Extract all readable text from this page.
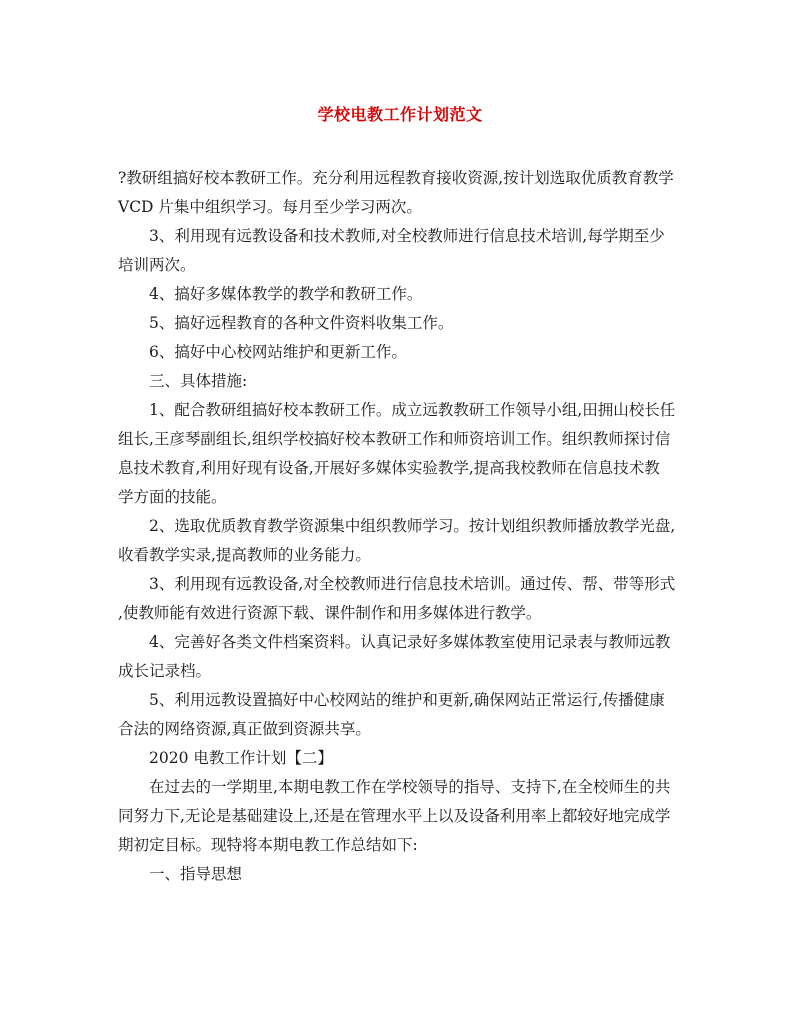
学校电教工作计划范文
?教研组搞好校本教研工作。充分利用远程教育接收资源,按计划选取优质教育教学
VCD 片集中组织学习。每月至少学习两次。
3、利用现有远教设备和技术教师,对全校教师进行信息技术培训,每学期至少
培训两次。
4、搞好多媒体教学的教学和教研工作。
5、搞好远程教育的各种文件资料收集工作。
6、搞好中心校网站维护和更新工作。
三、具体措施:
1、配合教研组搞好校本教研工作。成立远教教研工作领导小组,田拥山校长任
组长,王彦琴副组长,组织学校搞好校本教研工作和师资培训工作。组织教师探讨信
息技术教育,利用好现有设备,开展好多媒体实验教学,提高我校教师在信息技术教
学方面的技能。
2、选取优质教育教学资源集中组织教师学习。按计划组织教师播放教学光盘,
收看教学实录,提高教师的业务能力。
3、利用现有远教设备,对全校教师进行信息技术培训。通过传、帮、带等形式
,使教师能有效进行资源下载、课件制作和用多媒体进行教学。
4、完善好各类文件档案资料。认真记录好多媒体教室使用记录表与教师远教
成长记录档。
5、利用远教设置搞好中心校网站的维护和更新,确保网站正常运行,传播健康
合法的网络资源,真正做到资源共享。
2020 电教工作计划【二】
在过去的一学期里,本期电教工作在学校领导的指导、支持下,在全校师生的共
同努力下,无论是基础建设上,还是在管理水平上以及设备利用率上都较好地完成学
期初定目标。现特将本期电教工作总结如下:
一、指导思想
